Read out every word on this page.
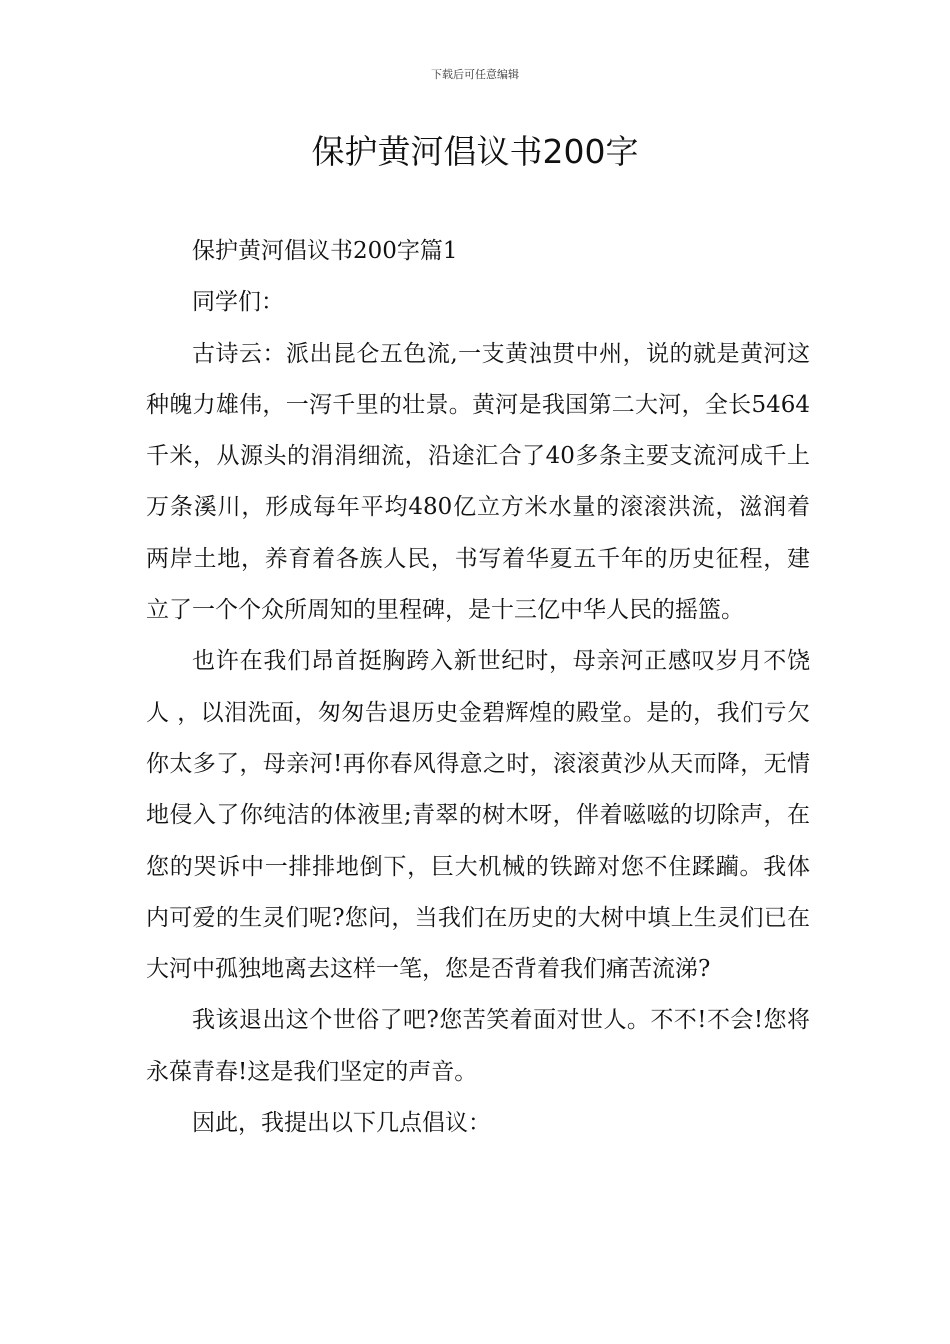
下载后可任意编辑
保护黄河倡议书200字

保护黄河倡议书200字篇1

同学们：

古诗云：派出昆仑五色流,一支黄浊贯中州，说的就是黄河这种魄力雄伟，一泻千里的壮景。黄河是我国第二大河，全长5464千米，从源头的涓涓细流，沿途汇合了40多条主要支流河成千上万条溪川，形成每年平均480亿立方米水量的滚滚洪流，滋润着两岸土地，养育着各族人民，书写着华夏五千年的历史征程，建立了一个个众所周知的里程碑，是十三亿中华人民的摇篮。

也许在我们昂首挺胸跨入新世纪时，母亲河正感叹岁月不饶人 ，以泪洗面，匆匆告退历史金碧辉煌的殿堂。是的，我们亏欠你太多了，母亲河!再你春风得意之时，滚滚黄沙从天而降，无情地侵入了你纯洁的体液里;青翠的树木呀，伴着嗞嗞的切除声，在您的哭诉中一排排地倒下，巨大机械的铁蹄对您不住蹂躏。我体内可爱的生灵们呢?您问，当我们在历史的大树中填上生灵们已在大河中孤独地离去这样一笔，您是否背着我们痛苦流涕?

我该退出这个世俗了吧?您苦笑着面对世人。不不!不会!您将永葆青春!这是我们坚定的声音。

因此，我提出以下几点倡议：
